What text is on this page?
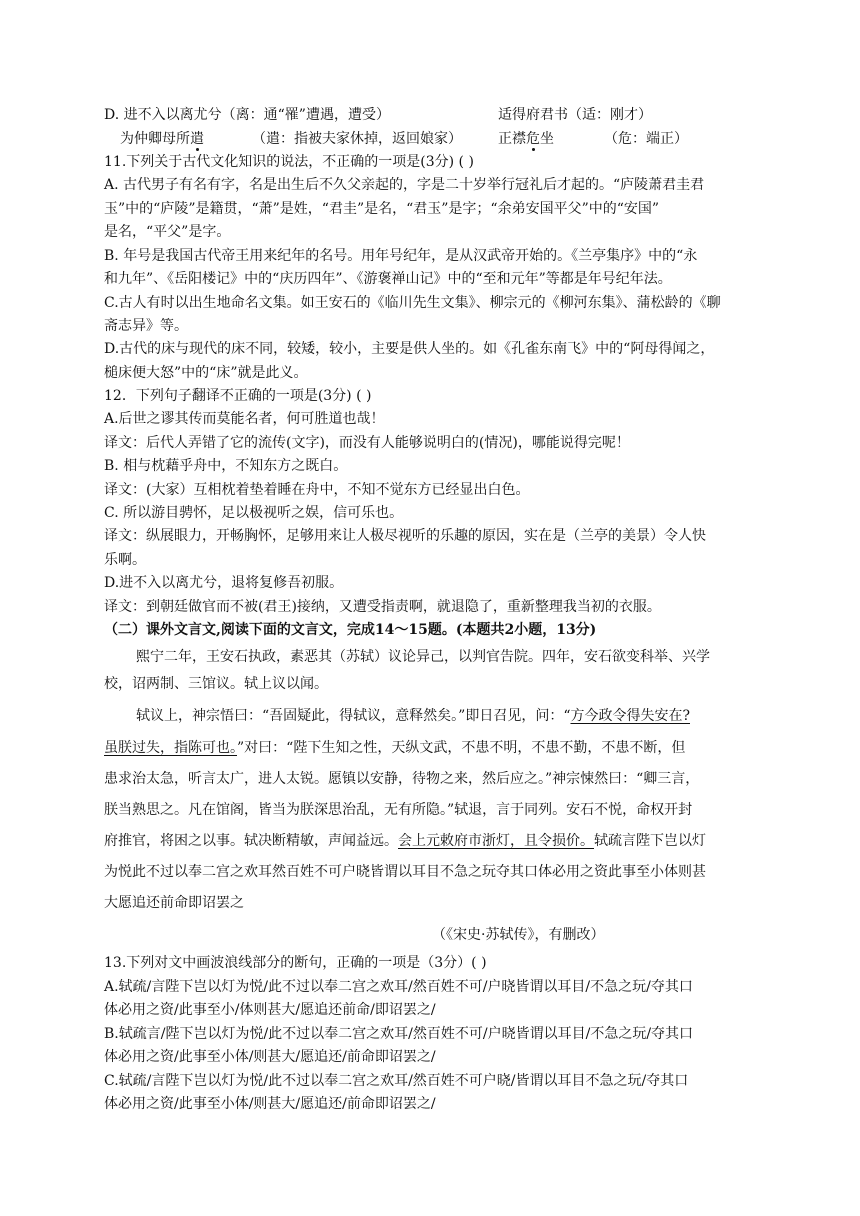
D. 进不入以离尤兮（离：通“罹”遭遇，遭受）	适得府君书（适：刚才）
为仲卿母所遣	（遣：指被夫家休掉，返回娘家）	正襟危坐	（危：端正）
11.下列关于古代文化知识的说法，不正确的一项是(3分) ( )
A. 古代男子有名有字，名是出生后不久父亲起的，字是二十岁举行冠礼后才起的。“庐陵萧君圭君
玉”中的“庐陵”是籍贯，“萧”是姓，“君圭”是名，“君玉”是字；“余弟安国平父”中的“安国”
是名，“平父”是字。
B. 年号是我国古代帝王用来纪年的名号。用年号纪年，是从汉武帝开始的。《兰亭集序》中的“永
和九年”、《岳阳楼记》中的“庆历四年”、《游褒禅山记》中的“至和元年”等都是年号纪年法。
C.古人有时以出生地命名文集。如王安石的《临川先生文集》、柳宗元的《柳河东集》、蒲松龄的《聊
斋志异》等。
D.古代的床与现代的床不同，较矮，较小，主要是供人坐的。如《孔雀东南飞》中的“阿母得闻之，
槌床便大怒”中的“床”就是此义。
12．下列句子翻译不正确的一项是(3分) ( )
A.后世之谬其传而莫能名者，何可胜道也哉！
译文：后代人弄错了它的流传(文字)，而没有人能够说明白的(情况)，哪能说得完呢！
B. 相与枕藉乎舟中，不知东方之既白。
译文：(大家）互相枕着垫着睡在舟中，不知不觉东方已经显出白色。
C. 所以游目骋怀，足以极视听之娱，信可乐也。
译文：纵展眼力，开畅胸怀，足够用来让人极尽视听的乐趣的原因，实在是（兰亭的美景）令人快
乐啊。
D.进不入以离尤兮，退将复修吾初服。
译文：到朝廷做官而不被(君王)接纳，又遭受指责啊，就退隐了，重新整理我当初的衣服。
（二）课外文言文,阅读下面的文言文，完成14～15题。(本题共2小题，13分)
熙宁二年，王安石执政，素恶其（苏轼）议论异己，以判官告院。四年，安石欲变科举、兴学
校，诏两制、三馆议。轼上议以闻。
轼议上，神宗悟曰：“吾固疑此，得轼议，意释然矣。”即日召见，问：“方今政令得失安在?
虽朕过失，指陈可也。”对曰：“陛下生知之性，天纵文武，不患不明，不患不勤，不患不断，但
患求治太急，听言太广，进人太锐。愿镇以安静，待物之来，然后应之。”神宗悚然曰：“卿三言，
朕当熟思之。凡在馆阁，皆当为朕深思治乱，无有所隐。”轼退，言于同列。安石不悦，命权开封
府推官，将困之以事。轼决断精敏，声闻益远。会上元敕府市浙灯，且令损价。轼疏言陛下岂以灯
为悦此不过以奉二宫之欢耳然百姓不可户晓皆谓以耳目不急之玩夺其口体必用之资此事至小体则甚
大愿追还前命即诏罢之
（《宋史·苏轼传》，有删改）
13.下列对文中画波浪线部分的断句，正确的一项是（3分）( )
A.轼疏/言陛下岂以灯为悦/此不过以奉二宫之欢耳/然百姓不可/户晓皆谓以耳目/不急之玩/夺其口
体必用之资/此事至小/体则甚大/愿追还前命/即诏罢之/
B.轼疏言/陛下岂以灯为悦/此不过以奉二宫之欢耳/然百姓不可/户晓皆谓以耳目/不急之玩/夺其口
体必用之资/此事至小体/则甚大/愿追还/前命即诏罢之/
C.轼疏/言陛下岂以灯为悦/此不过以奉二宫之欢耳/然百姓不可户晓/皆谓以耳目不急之玩/夺其口
体必用之资/此事至小体/则甚大/愿追还/前命即诏罢之/
